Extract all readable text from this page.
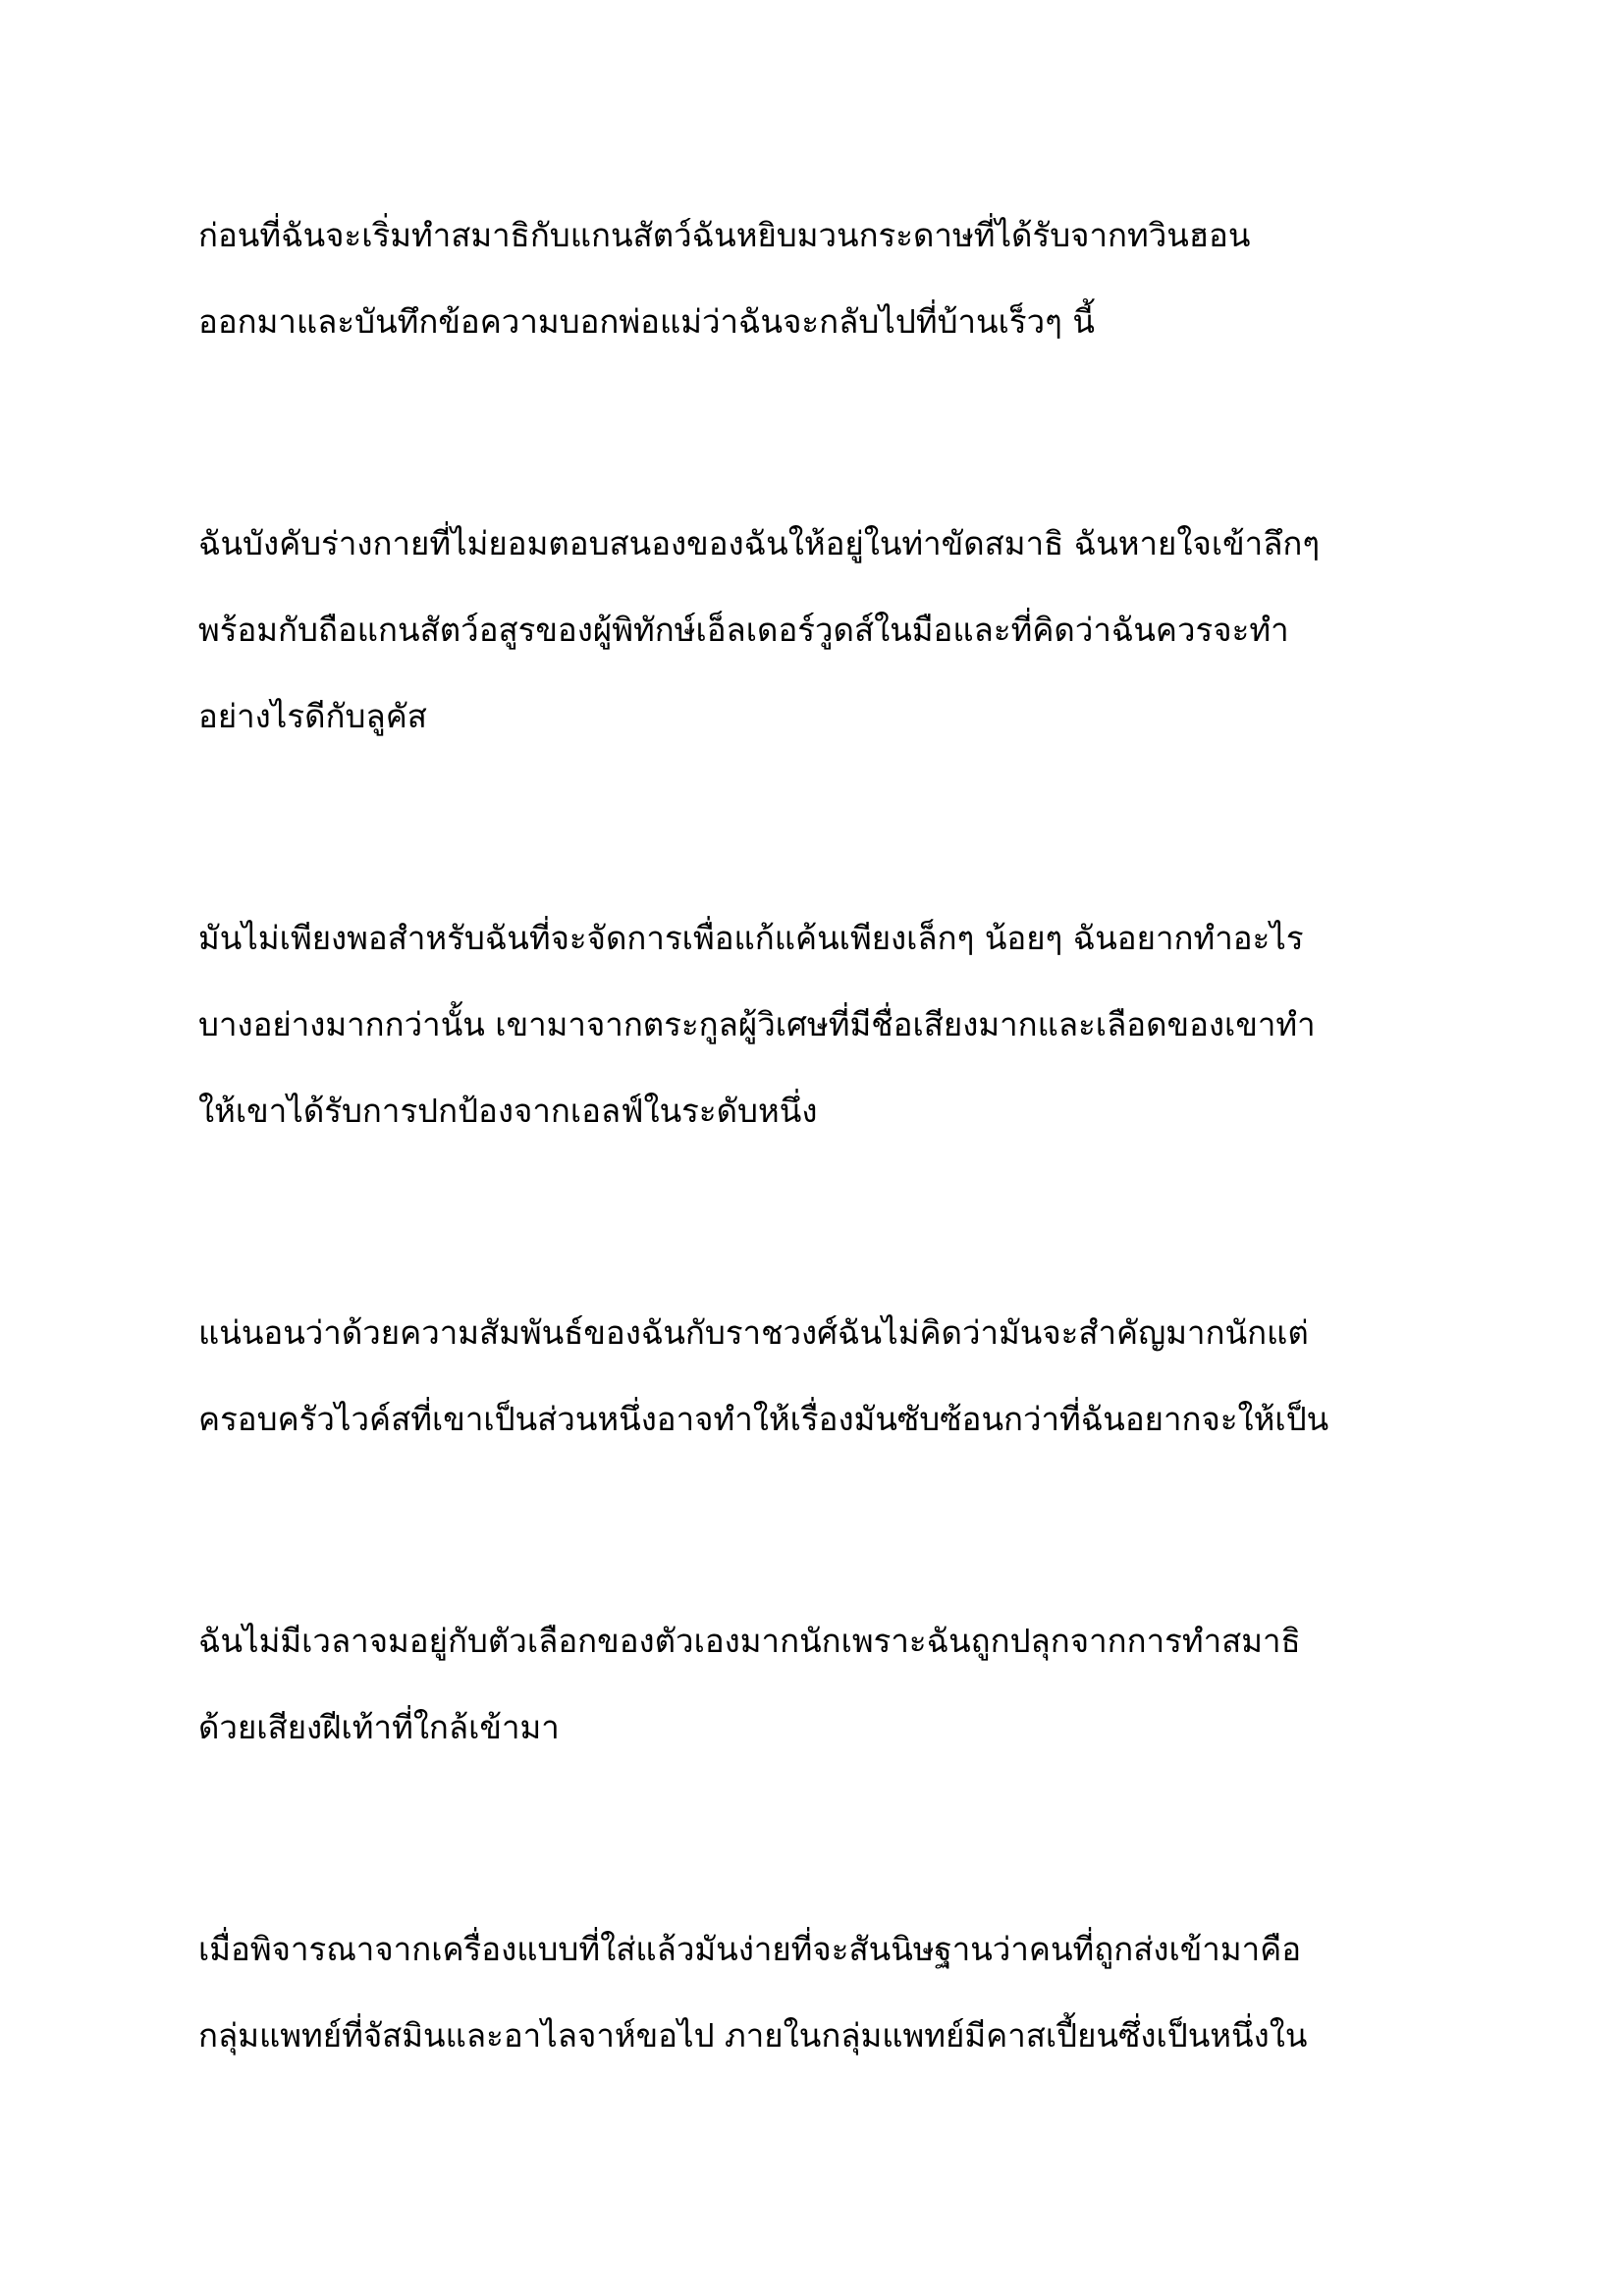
ก่อนที่ฉันจะเริ่มทำสมาธิกับแกนสัตว์ฉันหยิบมวนกระดาษที่ได้รับจากทวินฮอน

ออกมาและบันทึกข้อความบอกพ่อแม่ว่าฉันจะกลับไปที่บ้านเร็วๆ นี้

ฉันบังคับร่างกายที่ไม่ยอมตอบสนองของฉันให้อยู่ในท่าขัดสมาธิ ฉันหายใจเข้าลึกๆ

พร้อมกับถือแกนสัตว์อสูรของผู้พิทักษ์เอ็ลเดอร์วูดส์ในมือและที่คิดว่าฉันควรจะทำ

อย่างไรดีกับลูคัส

มันไม่เพียงพอสำหรับฉันที่จะจัดการเพื่อแก้แค้นเพียงเล็กๆ น้อยๆ ฉันอยากทำอะไร

บางอย่างมากกว่านั้น เขามาจากตระกูลผู้วิเศษที่มีชื่อเสียงมากและเลือดของเขาทำ

ให้เขาได้รับการปกป้องจากเอลฟ์ในระดับหนึ่ง

แน่นอนว่าด้วยความสัมพันธ์ของฉันกับราชวงศ์ฉันไม่คิดว่ามันจะสำคัญมากนักแต่

ครอบครัวไวค์สที่เขาเป็นส่วนหนึ่งอาจทำให้เรื่องมันซับซ้อนกว่าที่ฉันอยากจะให้เป็น

ฉันไม่มีเวลาจมอยู่กับตัวเลือกของตัวเองมากนักเพราะฉันถูกปลุกจากการทำสมาธิ

ด้วยเสียงฝีเท้าที่ใกล้เข้ามา

เมื่อพิจารณาจากเครื่องแบบที่ใส่แล้วมันง่ายที่จะสันนิษฐานว่าคนที่ถูกส่งเข้ามาคือ

กลุ่มแพทย์ที่จัสมินและอาไลจาห์ขอไป ภายในกลุ่มแพทย์มีคาสเปี้ยนซึ่งเป็นหนึ่งใน
